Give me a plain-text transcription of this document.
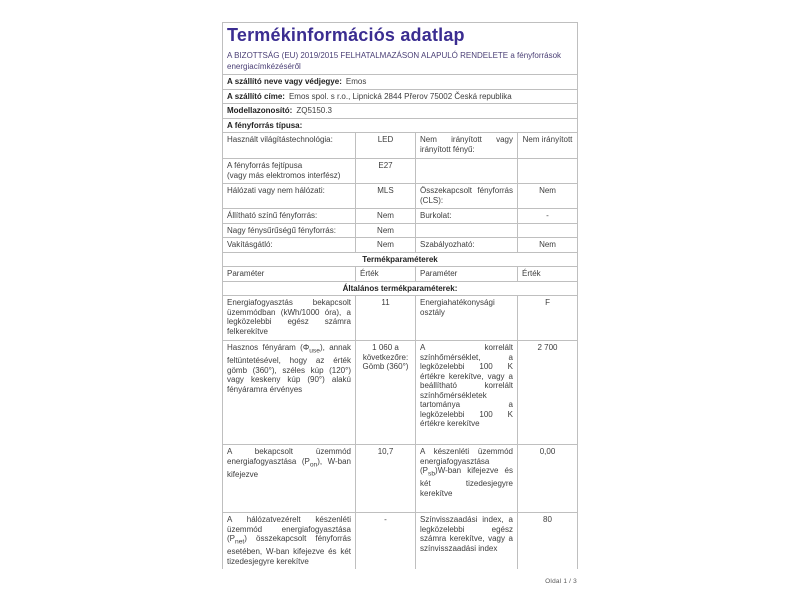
Termékinformációs adatlap

A BIZOTTSÁG (EU) 2019/2015 FELHATALMAZÁSON ALAPULÓ RENDELETE a fényforrások energiacímkézéséről

A szállító neve vagy védjegye: Emos			
A szállító címe: Emos spol. s r.o., Lipnická 2844 Přerov 75002 Česká republika			
Modellazonosító: ZQ5150.3			
A fényforrás típusa:			
Használt világítástechnológia:	LED	Nem irányított vagy irányított fényű:	Nem irányított
A fényforrás fejtípusa
(vagy más elektromos interfész)	E27		
Hálózati vagy nem hálózati:	MLS	Összekapcsolt fényforrás (CLS):	Nem
Állítható színű fényforrás:	Nem	Burkolat:	-
Nagy fénysűrűségű fényforrás:	Nem		
Vakításgátló:	Nem	Szabályozható:	Nem
Termékparaméterek			
Paraméter	Érték	Paraméter	Érték
Általános termékparaméterek:			
Energiafogyasztás bekapcsolt üzemmódban (kWh/1000 óra), a legközelebbi egész számra felkerekítve	11	Energiahatékonysági osztály	F
Hasznos fényáram $(\Phi_{use})$, annak feltüntetésével, hogy az érték gömb (360°), széles kúp (120°) vagy keskeny kúp (90°) alakú fényáramra érvényes	1 060 a következőre: Gömb (360°)	A korrelált színhőmérséklet, a legközelebbi 100 K értékre kerekítve, vagy a beállítható korrelált színhőmérsékletek tartománya a legközelebbi 100 K értékre kerekítve	2 700
A bekapcsolt üzemmód energiafogyasztása $(P_{on})$, W-ban kifejezve	10,7	A készenléti üzemmód energiafogyasztása $(P_{sb})W$-ban kifejezve és két tizedesjegyre kerekítve	0,00
A hálózatvezérelt készenléti üzemmód energiafogyasztása $(P_{net})$ összekapcsolt fényforrás esetében, W-ban kifejezve és két tizedesjegyre kerekítve	-	Színvisszaadási index, a legközelebbi egész számra kerekítve, vagy a színvisszaadási index	80
Oldal 1 / 3
